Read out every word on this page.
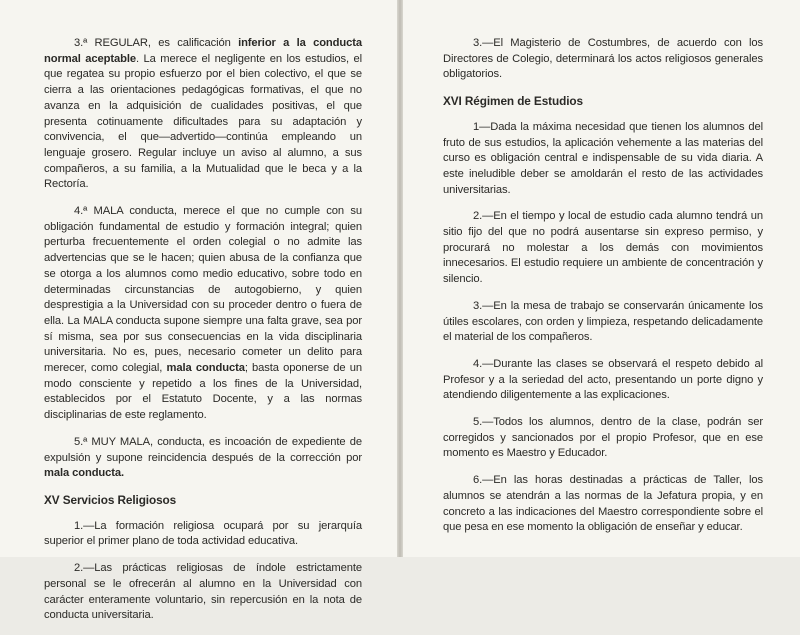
3.ª REGULAR, es calificación inferior a la conducta normal aceptable. La merece el negligente en los estudios, el que regatea su propio esfuerzo por el bien colectivo, el que se cierra a las orientaciones pedagógicas formativas, el que no avanza en la adquisición de cualidades positivas, el que presenta cotinuamente dificultades para su adaptación y convivencia, el que—advertido—continúa empleando un lenguaje grosero. Regular incluye un aviso al alumno, a sus compañeros, a su familia, a la Mutualidad que le beca y a la Rectoría.

4.ª MALA conducta, merece el que no cumple con su obligación fundamental de estudio y formación integral; quien perturba frecuentemente el orden colegial o no admite las advertencias que se le hacen; quien abusa de la confianza que se otorga a los alumnos como medio educativo, sobre todo en determinadas circunstancias de autogobierno, y quien desprestigia a la Universidad con su proceder dentro o fuera de ella. La MALA conducta supone siempre una falta grave, sea por sí misma, sea por sus consecuencias en la vida disciplinaria universitaria. No es, pues, necesario cometer un delito para merecer, como colegial, mala conducta; basta oponerse de un modo consciente y repetido a los fines de la Universidad, establecidos por el Estatuto Docente, y a las normas disciplinarias de este reglamento.

5.ª MUY MALA, conducta, es incoación de expediente de expulsión y supone reincidencia después de la corrección por mala conducta.

XV Servicios Religiosos

1.—La formación religiosa ocupará por su jerarquía superior el primer plano de toda actividad educativa.

2.—Las prácticas religiosas de índole estrictamente personal se le ofrecerán al alumno en la Universidad con carácter enteramente voluntario, sin repercusión en la nota de conducta universitaria.

3.—El Magisterio de Costumbres, de acuerdo con los Directores de Colegio, determinará los actos religiosos generales obligatorios.

XVI Régimen de Estudios

1—Dada la máxima necesidad que tienen los alumnos del fruto de sus estudios, la aplicación vehemente a las materias del curso es obligación central e indispensable de su vida diaria. A este ineludible deber se amoldarán el resto de las actividades universitarias.

2.—En el tiempo y local de estudio cada alumno tendrá un sitio fijo del que no podrá ausentarse sin expreso permiso, y procurará no molestar a los demás con movimientos innecesarios. El estudio requiere un ambiente de concentración y silencio.

3.—En la mesa de trabajo se conservarán únicamente los útiles escolares, con orden y limpieza, respetando delicadamente el material de los compañeros.

4.—Durante las clases se observará el respeto debido al Profesor y a la seriedad del acto, presentando un porte digno y atendiendo diligentemente a las explicaciones.

5.—Todos los alumnos, dentro de la clase, podrán ser corregidos y sancionados por el propio Profesor, que en ese momento es Maestro y Educador.

6.—En las horas destinadas a prácticas de Taller, los alumnos se atendrán a las normas de la Jefatura propia, y en concreto a las indicaciones del Maestro correspondiente sobre el que pesa en ese momento la obligación de enseñar y educar.
